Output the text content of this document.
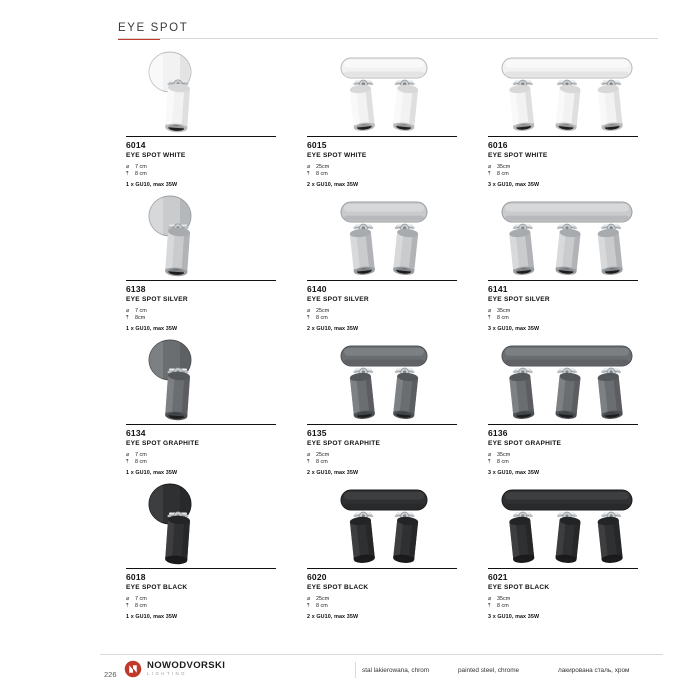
EYE SPOT
6014
EYE SPOT WHITE
⌀	7 cm
⤒	8 cm
1 x GU10, max 35W
6015
EYE SPOT WHITE
⌀	25cm
⤒	8 cm
2 x GU10, max 35W
6016
EYE SPOT WHITE
⌀	35cm
⤒	8 cm
3 x GU10, max 35W
6138
EYE SPOT SILVER
⌀	7 cm
⤒	8cm
1 x GU10, max 35W
6140
EYE SPOT SILVER
⌀	25cm
⤒	8 cm
2 x GU10, max 35W
6141
EYE SPOT SILVER
⌀	35cm
⤒	8 cm
3 x GU10, max 35W
6134
EYE SPOT GRAPHITE
⌀	7 cm
⤒	8 cm
1 x GU10, max 35W
6135
EYE SPOT GRAPHITE
⌀	25cm
⤒	8 cm
2 x GU10, max 35W
6136
EYE SPOT GRAPHITE
⌀	35cm
⤒	8 cm
3 x GU10, max 35W
6018
EYE SPOT BLACK
⌀	7 cm
⤒	8 cm
1 x GU10, max 35W
6020
EYE SPOT BLACK
⌀	25cm
⤒	8 cm
2 x GU10, max 35W
6021
EYE SPOT BLACK
⌀	35cm
⤒	8 cm
3 x GU10, max 35W
226
NOWODVORSKI
LIGHTING	stal lakierowana, chrom	painted steel, chrome	лакирована сталь, хром
